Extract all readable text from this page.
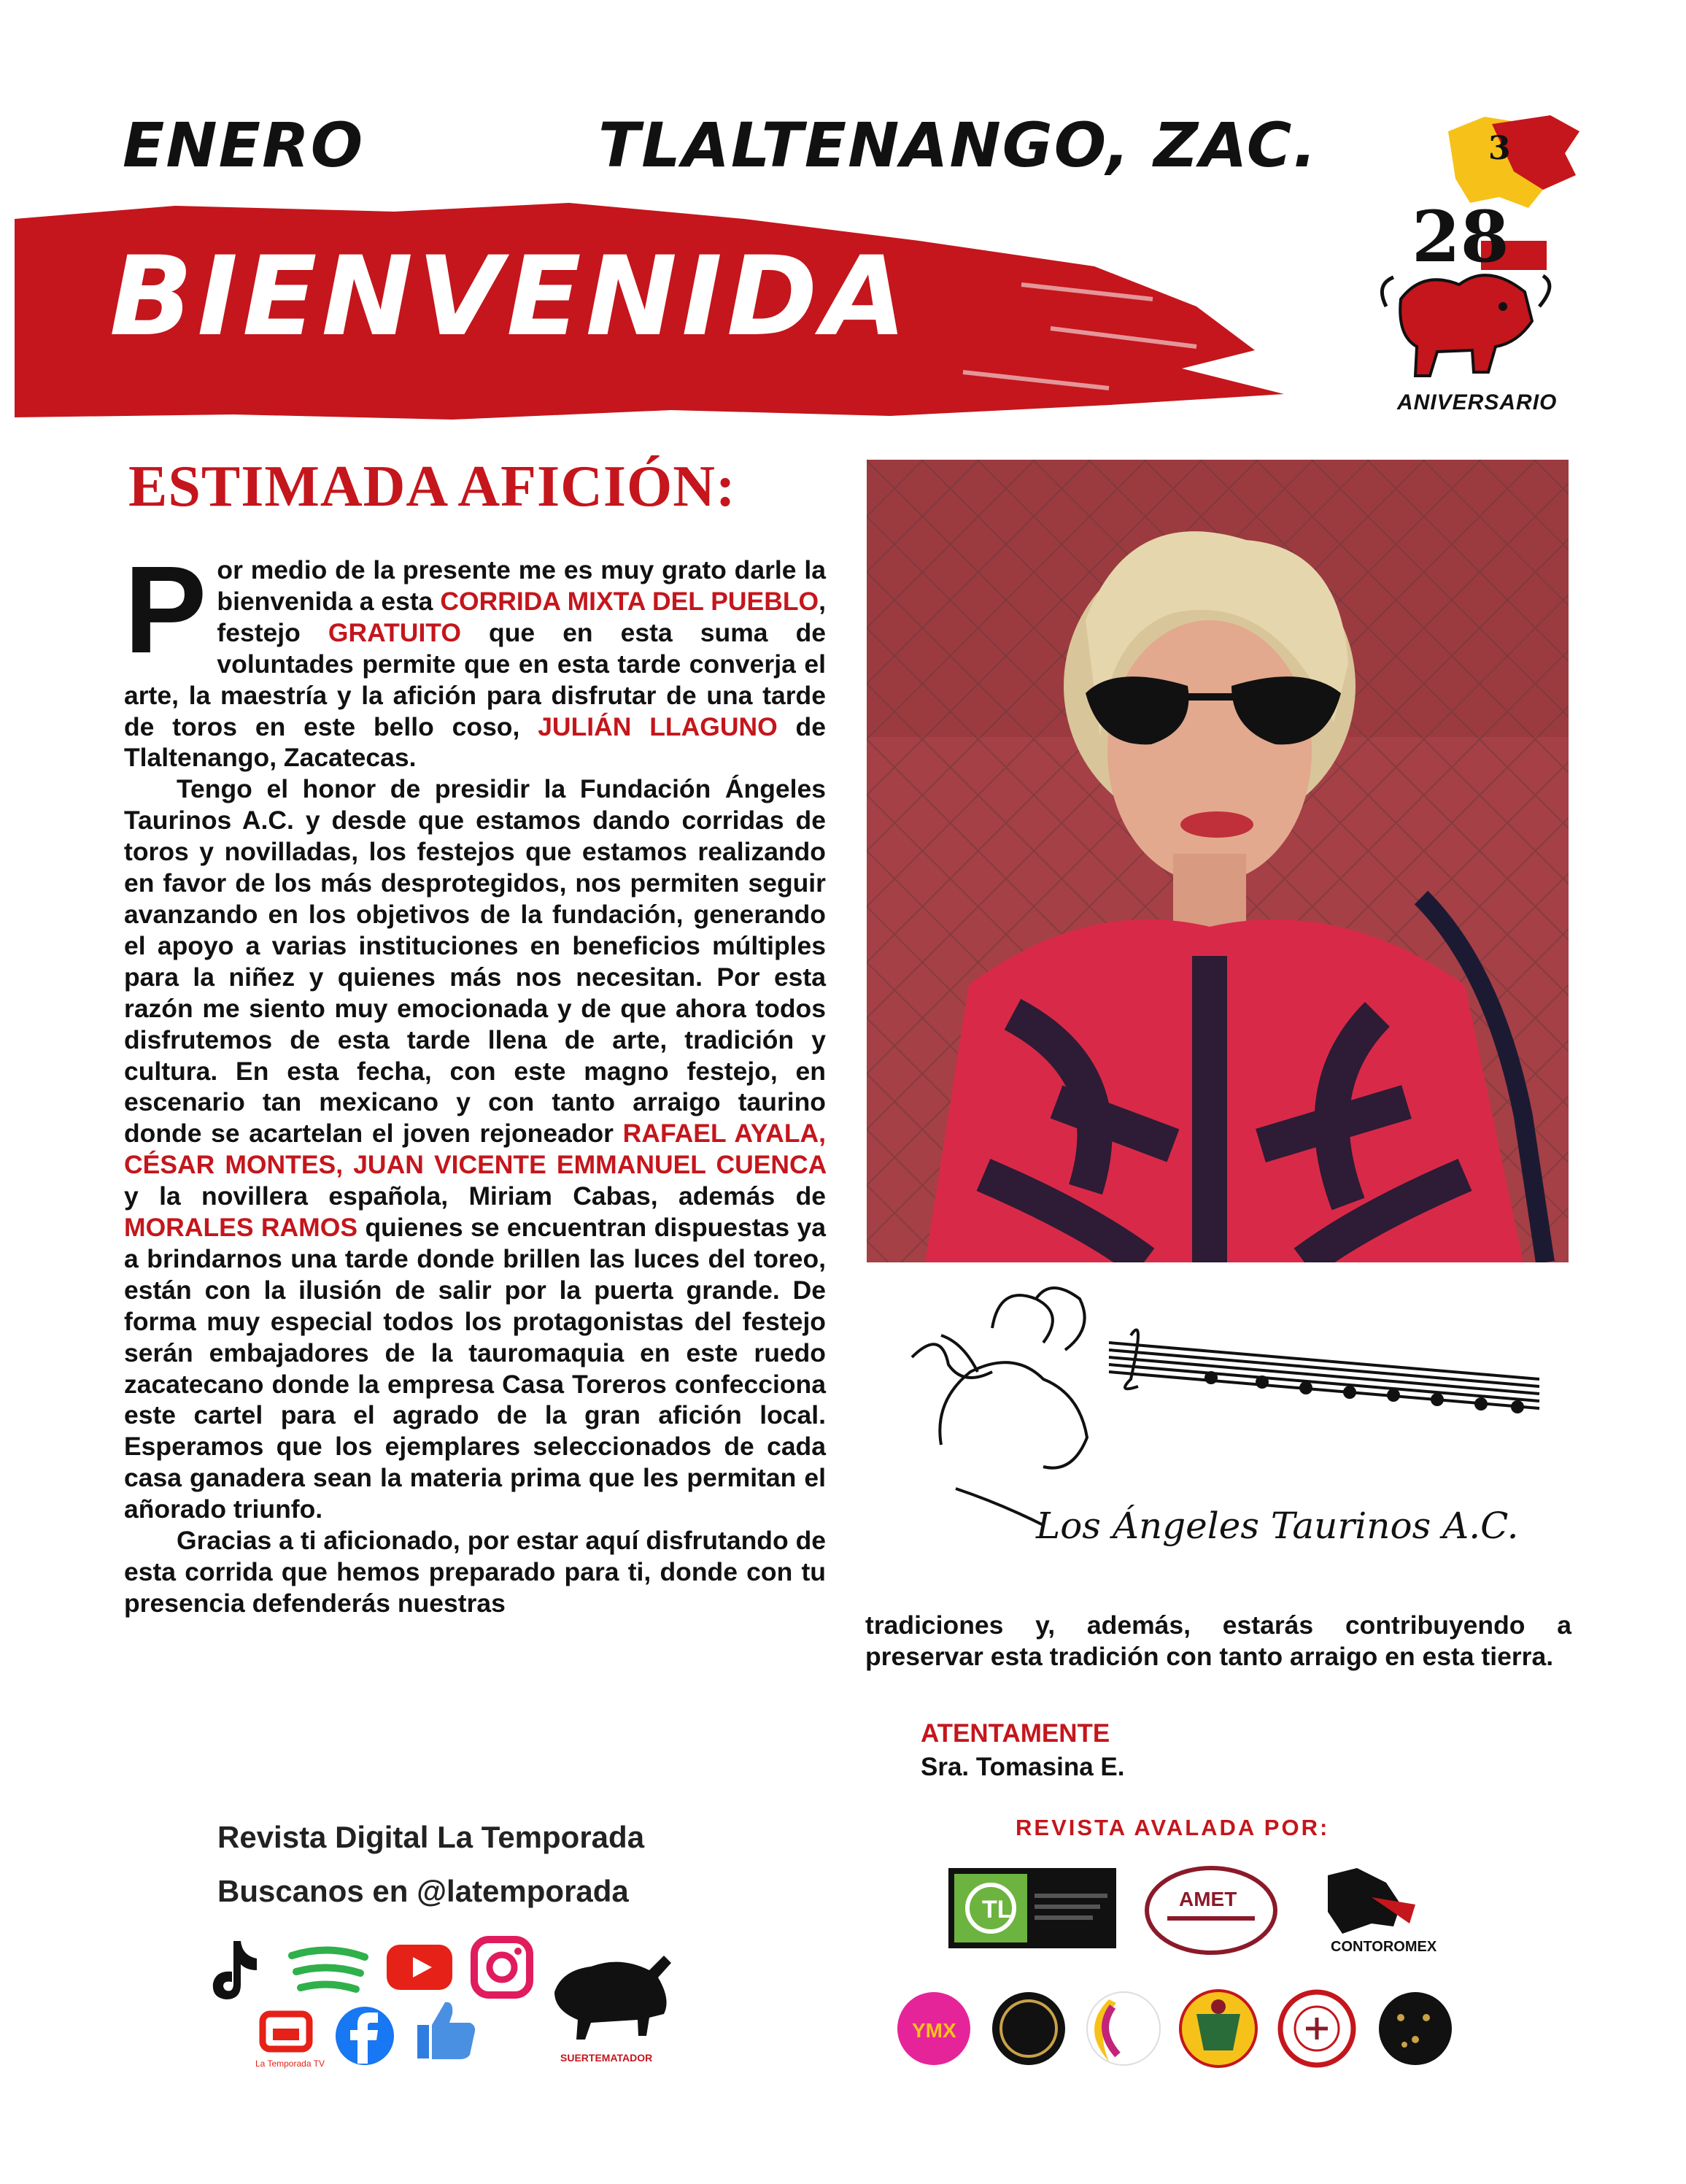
ENERO	TLALTENANGO, ZAC.	3
BIENVENIDA	28
ANIVERSARIO
ESTIMADA AFICIÓN:

Por medio de la presente me es muy grato darle la bienvenida a esta CORRIDA MIXTA DEL PUEBLO, festejo GRATUITO que en esta suma de voluntades permite que en esta tarde converja el arte, la maestría y la afición para disfrutar de una tarde de toros en este bello coso, JULIÁN LLAGUNO de Tlaltenango, Zacatecas.

Tengo el honor de presidir la Fundación Ángeles Taurinos A.C. y desde que estamos dando corridas de toros y novilladas, los festejos que estamos realizando en favor de los más desprotegidos, nos permiten seguir avanzando en los objetivos de la fundación, generando el apoyo a varias instituciones en beneficios múltiples para la niñez y quienes más nos necesitan. Por esta razón me siento muy emocionada y de que ahora todos disfrutemos de esta tarde llena de arte, tradición y cultura. En esta fecha, con este magno festejo, en escenario tan mexicano y con tanto arraigo taurino donde se acartelan el joven rejoneador RAFAEL AYALA, CÉSAR MONTES, JUAN VICENTE EMMANUEL CUENCA y la novillera española, Miriam Cabas, además de MORALES RAMOS quienes se encuentran dispuestas ya a brindarnos una tarde donde brillen las luces del toreo, están con la ilusión de salir por la puerta grande. De forma muy especial todos los protagonistas del festejo serán embajadores de la tauromaquia en este ruedo zacatecano donde la empresa Casa Toreros confecciona este cartel para el agrado de la gran afición local. Esperamos que los ejemplares seleccionados de cada casa ganadera sean la materia prima que les permitan el añorado triunfo.

Gracias a ti aficionado, por estar aquí disfrutando de esta corrida que hemos preparado para ti, donde con tu presencia defenderás nuestras

Los Ángeles Taurinos A.C.

tradiciones y, además, estarás contribuyendo a preservar esta tradición con tanto arraigo en esta tierra.

ATENTAMENTE
Sra. Tomasina E.
Revista Digital La Temporada
Buscanos en @latemporada
SUERTEMATADOR
La Temporada TV
REVISTA AVALADA POR:
TL	AMET
CONTOROMEX
YMX
